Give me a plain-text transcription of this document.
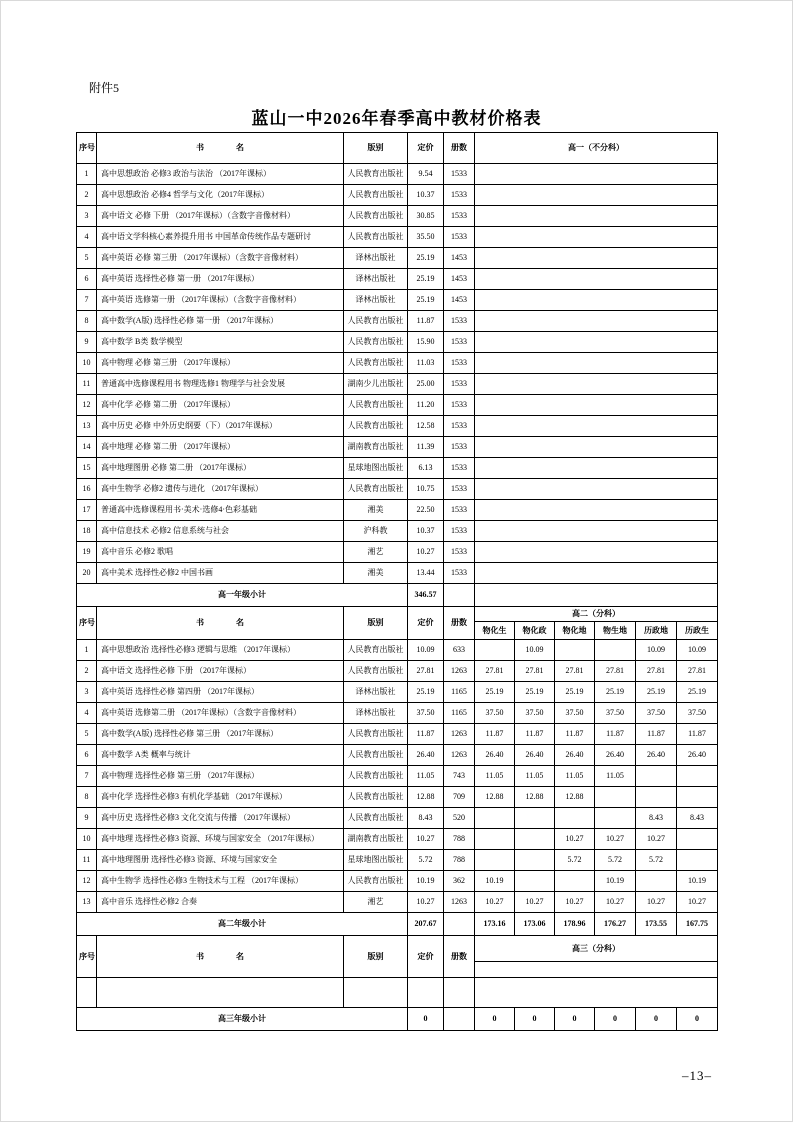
附件5
蓝山一中2026年春季高中教材价格表
序号	书　　　　名	版别	定价	册数	高一（不分科）					
1	高中思想政治 必修3 政治与法治 （2017年课标）	人民教育出版社	9.54	1533						
2	高中思想政治 必修4 哲学与文化（2017年课标）	人民教育出版社	10.37	1533						
3	高中语文 必修 下册 （2017年课标）（含数字音像材料）	人民教育出版社	30.85	1533						
4	高中语文学科核心素养提升用书 中国革命传统作品专题研讨	人民教育出版社	35.50	1533						
5	高中英语 必修 第三册 （2017年课标）（含数字音像材料）	译林出版社	25.19	1453						
6	高中英语 选择性必修 第一册 （2017年课标）	译林出版社	25.19	1453						
7	高中英语 选修第一册 （2017年课标）（含数字音像材料）	译林出版社	25.19	1453						
8	高中数学(A版) 选择性必修 第一册 （2017年课标）	人民教育出版社	11.87	1533						
9	高中数学 B类 数学模型	人民教育出版社	15.90	1533						
10	高中物理 必修 第三册 （2017年课标）	人民教育出版社	11.03	1533						
11	普通高中选修课程用书 物理选修1 物理学与社会发展	湖南少儿出版社	25.00	1533						
12	高中化学 必修 第二册 （2017年课标）	人民教育出版社	11.20	1533						
13	高中历史 必修 中外历史纲要（下）（2017年课标）	人民教育出版社	12.58	1533						
14	高中地理 必修 第二册 （2017年课标）	湖南教育出版社	11.39	1533						
15	高中地理图册 必修 第二册 （2017年课标）	星球地图出版社	6.13	1533						
16	高中生物学 必修2 遗传与进化 （2017年课标）	人民教育出版社	10.75	1533						
17	普通高中选修课程用书·美术·选修4·色彩基础	湘美	22.50	1533						
18	高中信息技术 必修2 信息系统与社会	沪科教	10.37	1533						
19	高中音乐 必修2 歌唱	湘艺	10.27	1533						
20	高中美术 选择性必修2 中国书画	湘美	13.44	1533						
高一年级小计			346.57							
序号	书　　　　名	版别	定价	册数	高二（分科）					
					物化生	物化政	物化地	物生地	历政地	历政生
1	高中思想政治 选择性必修3 逻辑与思维 （2017年课标）	人民教育出版社	10.09	633		10.09			10.09	10.09
2	高中语文 选择性必修 下册 （2017年课标）	人民教育出版社	27.81	1263	27.81	27.81	27.81	27.81	27.81	27.81
3	高中英语 选择性必修 第四册 （2017年课标）	译林出版社	25.19	1165	25.19	25.19	25.19	25.19	25.19	25.19
4	高中英语 选修第二册 （2017年课标）（含数字音像材料）	译林出版社	37.50	1165	37.50	37.50	37.50	37.50	37.50	37.50
5	高中数学(A版) 选择性必修 第三册 （2017年课标）	人民教育出版社	11.87	1263	11.87	11.87	11.87	11.87	11.87	11.87
6	高中数学 A类 概率与统计	人民教育出版社	26.40	1263	26.40	26.40	26.40	26.40	26.40	26.40
7	高中物理 选择性必修 第三册 （2017年课标）	人民教育出版社	11.05	743	11.05	11.05	11.05	11.05		
8	高中化学 选择性必修3 有机化学基础 （2017年课标）	人民教育出版社	12.88	709	12.88	12.88	12.88			
9	高中历史 选择性必修3 文化交流与传播 （2017年课标）	人民教育出版社	8.43	520					8.43	8.43
10	高中地理 选择性必修3 资源、环境与国家安全 （2017年课标）	湖南教育出版社	10.27	788			10.27	10.27	10.27	
11	高中地理图册 选择性必修3 资源、环境与国家安全	星球地图出版社	5.72	788			5.72	5.72	5.72	
12	高中生物学 选择性必修3 生物技术与工程 （2017年课标）	人民教育出版社	10.19	362	10.19			10.19		10.19
13	高中音乐 选择性必修2 合奏	湘艺	10.27	1263	10.27	10.27	10.27	10.27	10.27	10.27
高二年级小计			207.67		173.16	173.06	178.96	176.27	173.55	167.75
序号	书　　　　名	版别	定价	册数	高三（分科）					

高三年级小计			0		0	0	0	0	0	0
–13–
